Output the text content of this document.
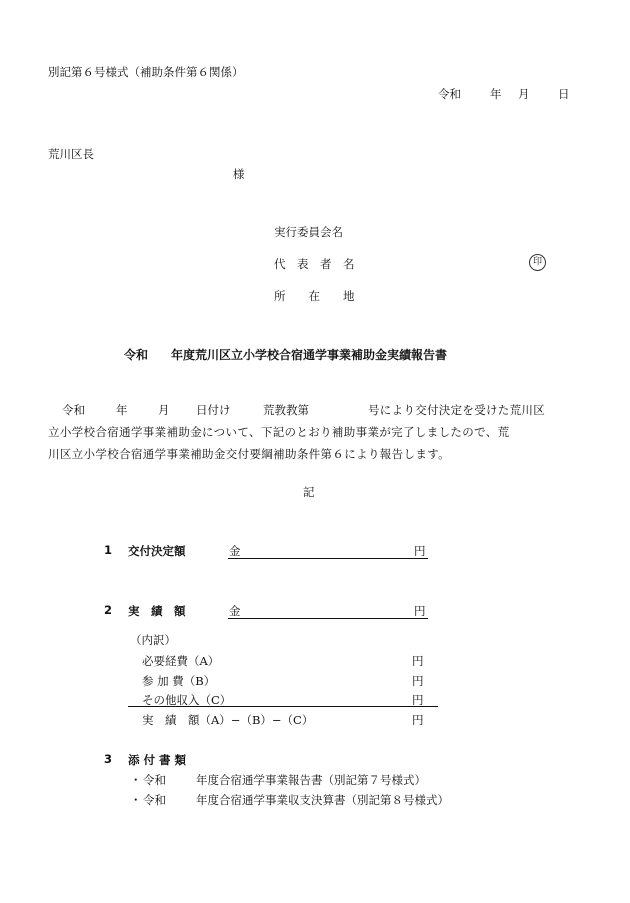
別記第６号様式（補助条件第６関係）
令和	年 月 日
荒川区長
様
実行委員会名
代　表　者　名	印
所　　在　　地
令和 年度荒川区立小学校合宿通学事業補助金実績報告書
令和	年	月 日付け	荒教教第	号により交付決定を受けた荒川区
立小学校合宿通学事業補助金について、下記のとおり補助事業が完了しましたので、荒
川区立小学校合宿通学事業補助金交付要綱補助条件第６により報告します。
記
1 交付決定額	金	円
2 実　績　額	金	円
（内訳）
必要経費（A）	円
参 加 費（B）	円
その他収入（C）	円
実　績　額（A）−（B）−（C）	円
3 添 付 書 類
・ 令和	年度合宿通学事業報告書（別記第７号様式）
・ 令和	年度合宿通学事業収支決算書（別記第８号様式）
